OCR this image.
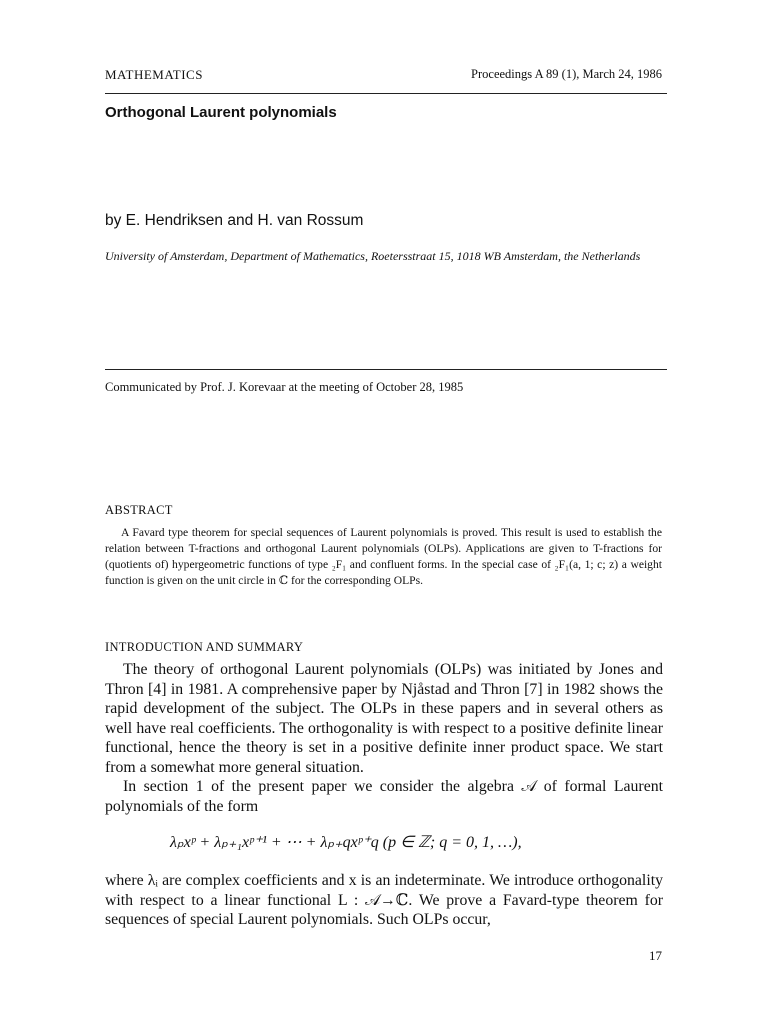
MATHEMATICS	Proceedings A 89 (1), March 24, 1986
Orthogonal Laurent polynomials
by E. Hendriksen and H. van Rossum
University of Amsterdam, Department of Mathematics, Roetersstraat 15, 1018 WB Amsterdam, the Netherlands
Communicated by Prof. J. Korevaar at the meeting of October 28, 1985
ABSTRACT

A Favard type theorem for special sequences of Laurent polynomials is proved. This result is used to establish the relation between T-fractions and orthogonal Laurent polynomials (OLPs). Applications are given to T-fractions for (quotients of) hypergeometric functions of type ₂F₁ and confluent forms. In the special case of ₂F₁(a, 1; c; z) a weight function is given on the unit circle in ℂ for the corresponding OLPs.

INTRODUCTION AND SUMMARY

The theory of orthogonal Laurent polynomials (OLPs) was initiated by Jones and Thron [4] in 1981. A comprehensive paper by Njåstad and Thron [7] in 1982 shows the rapid development of the subject. The OLPs in these papers and in several others as well have real coefficients. The orthogonality is with respect to a positive definite linear functional, hence the theory is set in a positive definite inner product space. We start from a somewhat more general situation.

In section 1 of the present paper we consider the algebra 𝒜 of formal Laurent polynomials of the form

λₚxᵖ + λₚ₊₁xᵖ⁺¹ + ⋯ + λₚ₊qxᵖ⁺q (p ∈ ℤ; q = 0, 1, …),

where λᵢ are complex coefficients and x is an indeterminate. We introduce orthogonality with respect to a linear functional L : 𝒜→ℂ. We prove a Favard-type theorem for sequences of special Laurent polynomials. Such OLPs occur,

17
